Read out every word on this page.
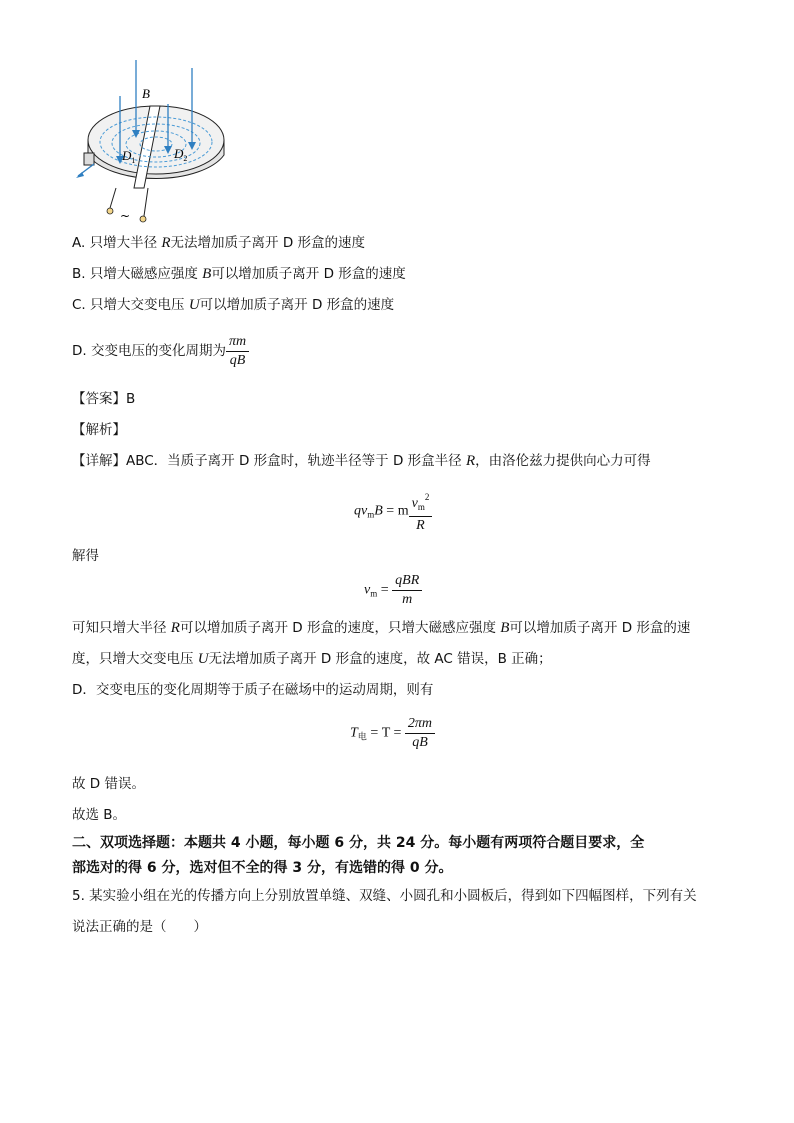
B
$D_1$	$D_2$
~
A. 只增大半径 R无法增加质子离开 D 形盒的速度
B. 只增大磁感应强度 B可以增加质子离开 D 形盒的速度
C. 只增大交变电压 U可以增加质子离开 D 形盒的速度
D. 交变电压的变化周期为 $\frac{\pi m}{qB}$
【答案】B
【解析】
【详解】ABC．当质子离开 D 形盒时，轨迹半径等于 D 形盒半径 R，由洛伦兹力提供向心力可得
$qv_mB = m \frac{v_m^2}{R}$
解得
$v_m = \frac{\text{qBR}}{m}$
可知只增大半径 R可以增加质子离开 D 形盒的速度，只增大磁感应强度 B可以增加质子离开 D 形盒的速
度，只增大交变电压 U无法增加质子离开 D 形盒的速度，故 AC 错误，B 正确；
D．交变电压的变化周期等于质子在磁场中的运动周期，则有
$T_电 = T = \frac{2\pi m}{qB}$
故 D 错误。
故选 B。
二、双项选择题：本题共 4 小题，每小题 6 分，共 24 分。每小题有两项符合题目要求，全
部选对的得 6 分，选对但不全的得 3 分，有选错的得 0 分。
5. 某实验小组在光的传播方向上分别放置单缝、双缝、小圆孔和小圆板后，得到如下四幅图样，下列有关
说法正确的是（　　）
